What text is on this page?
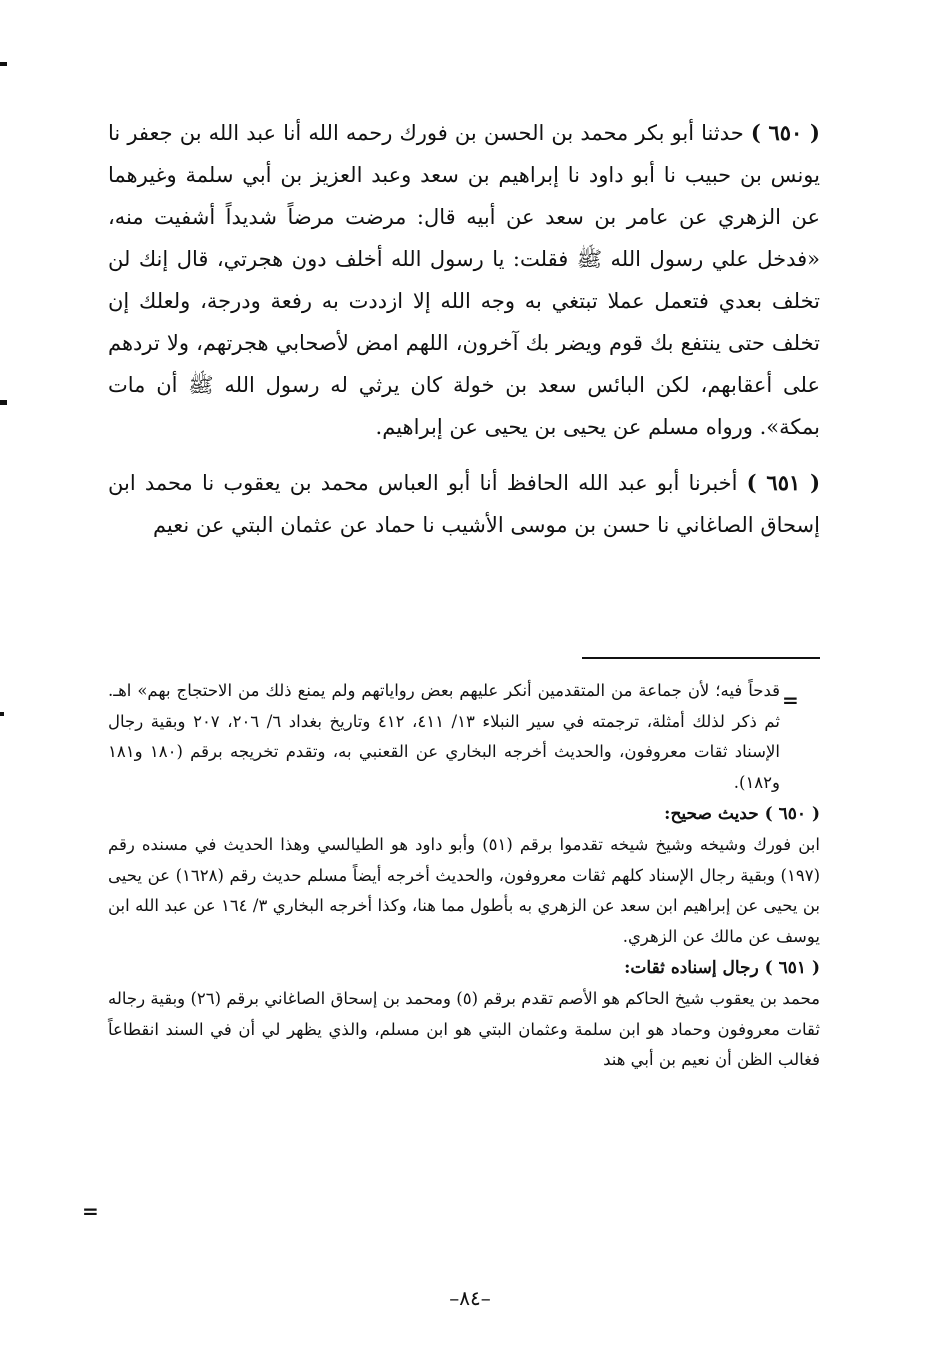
( ٦٥٠ ) حدثنا أبو بكر محمد بن الحسن بن فورك رحمه الله أنا عبد الله بن جعفر نا يونس بن حبيب نا أبو داود نا إبراهيم بن سعد وعبد العزيز بن أبي سلمة وغيرهما عن الزهري عن عامر بن سعد عن أبيه قال: مرضت مرضاً شديداً أشفيت منه، «فدخل علي رسول الله ﷺ فقلت: يا رسول الله أخلف دون هجرتي، قال إنك لن تخلف بعدي فتعمل عملا تبتغي به وجه الله إلا ازددت به رفعة ودرجة، ولعلك إن تخلف حتى ينتفع بك قوم ويضر بك آخرون، اللهم امض لأصحابي هجرتهم، ولا تردهم على أعقابهم، لكن البائس سعد بن خولة كان يرثي له رسول الله ﷺ أن مات بمكة». ورواه مسلم عن يحيى بن يحيى عن إبراهيم.

( ٦٥١ ) أخبرنا أبو عبد الله الحافظ أنا أبو العباس محمد بن يعقوب نا محمد ابن إسحاق الصاغاني نا حسن بن موسى الأشيب نا حماد عن عثمان البتي عن نعيم

=

قدحاً فيه؛ لأن جماعة من المتقدمين أنكر عليهم بعض رواياتهم ولم يمنع ذلك من الاحتجاج بهم» اهـ. ثم ذكر لذلك أمثلة، ترجمته في سير النبلاء ١٣/ ٤١١، ٤١٢ وتاريخ بغداد ٦/ ٢٠٦، ٢٠٧ وبقية رجال الإسناد ثقات معروفون، والحديث أخرجه البخاري عن القعنبي به، وتقدم تخريجه برقم (١٨٠ و١٨١ و١٨٢).

( ٦٥٠ ) حديث صحيح:

ابن فورك وشيخه وشيخ شيخه تقدموا برقم (٥١) وأبو داود هو الطيالسي وهذا الحديث في مسنده رقم (١٩٧) وبقية رجال الإسناد كلهم ثقات معروفون، والحديث أخرجه أيضاً مسلم حديث رقم (١٦٢٨) عن يحيى بن يحيى عن إبراهيم ابن سعد عن الزهري به بأطول مما هنا، وكذا أخرجه البخاري ٣/ ١٦٤ عن عبد الله ابن يوسف عن مالك عن الزهري.

( ٦٥١ ) رجال إسناده ثقات:

محمد بن يعقوب شيخ الحاكم هو الأصم تقدم برقم (٥) ومحمد بن إسحاق الصاغاني برقم (٢٦) وبقية رجاله ثقات معروفون وحماد هو ابن سلمة وعثمان البتي هو ابن مسلم، والذي يظهر لي أن في السند انقطاعاً فغالب الظن أن نعيم بن أبي هند

=
–٨٤–
